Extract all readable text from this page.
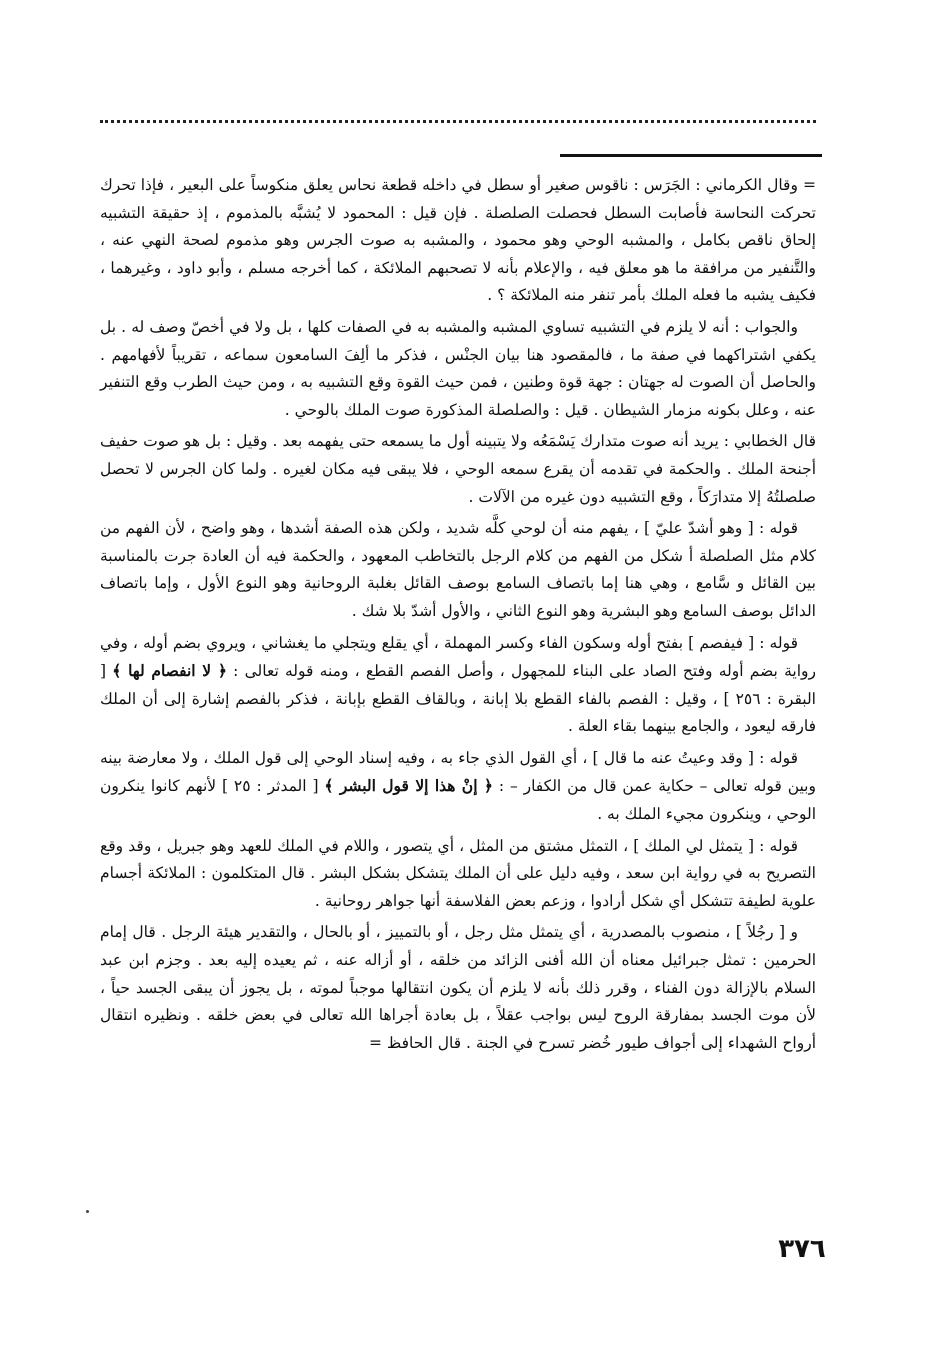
= وقال الكرماني : الجَرَس : ناقوس صغير أو سطل في داخله قطعة نحاس يعلق منكوساً على البعير ، فإذا تحرك تحركت النحاسة فأصابت السطل فحصلت الصلصلة . فإن قيل : المحمود لا يُشبَّه بالمذموم ، إذ حقيقة التشبيه إلحاق ناقص بكامل ، والمشبه الوحي وهو محمود ، والمشبه به صوت الجرس وهو مذموم لصحة النهي عنه ، والتَّنفير من مرافقة ما هو معلق فيه ، والإعلام بأنه لا تصحبهم الملائكة ، كما أخرجه مسلم ، وأبو داود ، وغيرهما ، فكيف يشبه ما فعله الملك بأمر تنفر منه الملائكة ؟ .

والجواب : أنه لا يلزم في التشبيه تساوي المشبه والمشبه به في الصفات كلها ، بل ولا في أخصّ وصف له . بل يكفي اشتراكهما في صفة ما ، فالمقصود هنا بيان الجنْس ، فذكر ما ألِفَ السامعون سماعه ، تقريباً لأفهامهم . والحاصل أن الصوت له جهتان : جهة قوة وطنين ، فمن حيث القوة وقع التشبيه به ، ومن حيث الطرب وقع التنفير عنه ، وعلل بكونه مزمار الشيطان . قيل : والصلصلة المذكورة صوت الملك بالوحي .

قال الخطابي : يريد أنه صوت متدارك يَسْمَعُه ولا يتبينه أول ما يسمعه حتى يفهمه بعد . وقيل : بل هو صوت حفيف أجنحة الملك . والحكمة في تقدمه أن يقرع سمعه الوحي ، فلا يبقى فيه مكان لغيره . ولما كان الجرس لا تحصل صلصلتُهُ إلا متدارَكاً ، وقع التشبيه دون غيره من الآلات .

قوله : [ وهو أشدّ عليّ ] ، يفهم منه أن لوحي كلَّه شديد ، ولكن هذه الصفة أشدها ، وهو واضح ، لأن الفهم من كلام مثل الصلصلة أ شكل من الفهم من كلام الرجل بالتخاطب المعهود ، والحكمة فيه أن العادة جرت بالمناسبة بين القائل و سَّامع ، وهي هنا إما باتصاف السامع بوصف القائل بغلبة الروحانية وهو النوع الأول ، وإما باتصاف الدائل بوصف السامع وهو البشرية وهو النوع الثاني ، والأول أشدّ بلا شك .

قوله : [ فيفصم ] بفتح أوله وسكون الفاء وكسر المهملة ، أي يقلع ويتجلي ما يغشاني ، ويروي بضم أوله ، وفي رواية بضم أوله وفتح الصاد على البناء للمجهول ، وأصل الفصم القطع ، ومنه قوله تعالى : ﴿ لا انفصام لها ﴾ [ البقرة : ٢٥٦ ] ، وقيل : الفصم بالفاء القطع بلا إبانة ، وبالقاف القطع بإبانة ، فذكر بالفصم إشارة إلى أن الملك فارقه ليعود ، والجامع بينهما بقاء العلة .

قوله : [ وقد وعيتُ عنه ما قال ] ، أي القول الذي جاء به ، وفيه إسناد الوحي إلى قول الملك ، ولا معارضة بينه وبين قوله تعالى – حكاية عمن قال من الكفار – : ﴿ إنْ هذا إلا قول البشر ﴾ [ المدثر : ٢٥ ] لأنهم كانوا ينكرون الوحي ، وينكرون مجيء الملك به .

قوله : [ يتمثل لي الملك ] ، التمثل مشتق من المثل ، أي يتصور ، واللام في الملك للعهد وهو جبريل ، وقد وقع التصريح به في رواية ابن سعد ، وفيه دليل على أن الملك يتشكل بشكل البشر . قال المتكلمون : الملائكة أجسام علوية لطيفة تتشكل أي شكل أرادوا ، وزعم بعض الفلاسفة أنها جواهر روحانية .

و [ رجُلاً ] ، منصوب بالمصدرية ، أي يتمثل مثل رجل ، أو بالتمييز ، أو بالحال ، والتقدير هيئة الرجل . قال إمام الحرمين : تمثل جبرائيل معناه أن الله أفنى الزائد من خلقه ، أو أزاله عنه ، ثم يعيده إليه بعد . وجزم ابن عبد السلام بالإزالة دون الفناء ، وقرر ذلك بأنه لا يلزم أن يكون انتقالها موجباً لموته ، بل يجوز أن يبقى الجسد حياً ، لأن موت الجسد بمفارقة الروح ليس بواجب عقلاً ، بل بعادة أجراها الله تعالى في بعض خلقه . ونظيره انتقال أرواح الشهداء إلى أجواف طيور خُضر تسرح في الجنة . قال الحافظ =

٣٧٦
